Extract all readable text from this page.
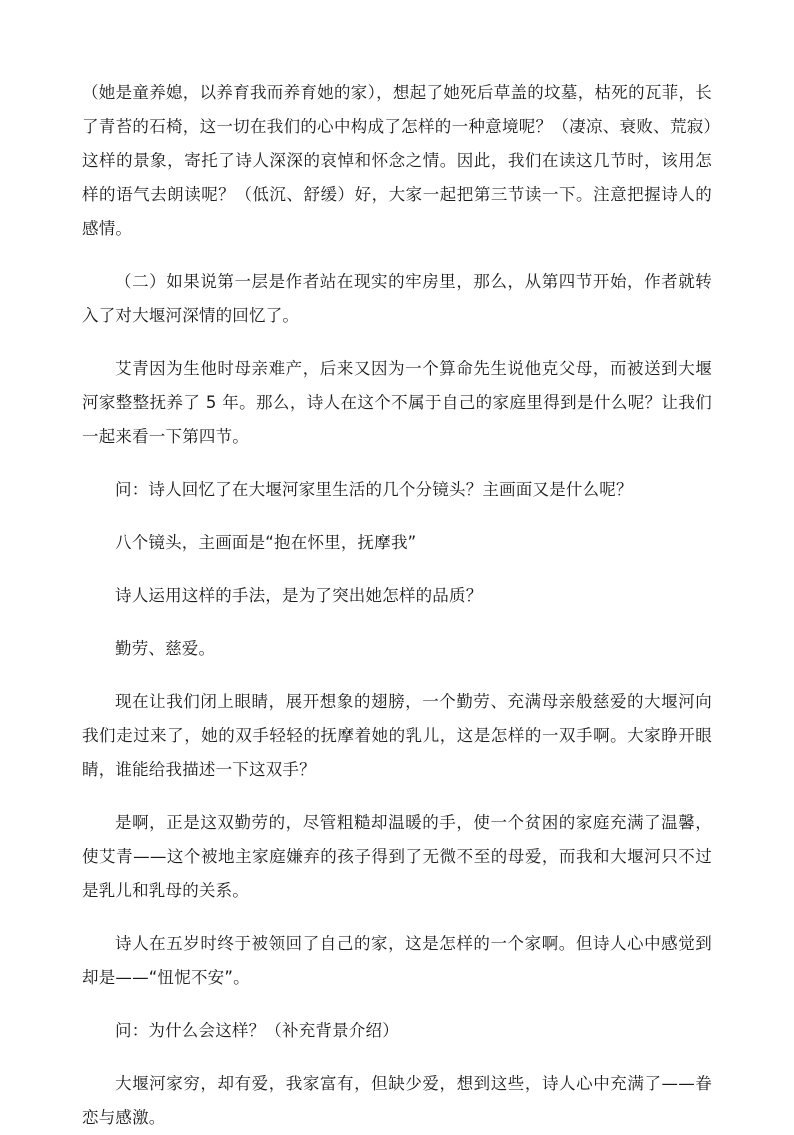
（她是童养媳，以养育我而养育她的家），想起了她死后草盖的坟墓，枯死的瓦菲，长了青苔的石椅，这一切在我们的心中构成了怎样的一种意境呢？（凄凉、衰败、荒寂）这样的景象，寄托了诗人深深的哀悼和怀念之情。因此，我们在读这几节时，该用怎样的语气去朗读呢？（低沉、舒缓）好，大家一起把第三节读一下。注意把握诗人的感情。

（二）如果说第一层是作者站在现实的牢房里，那么，从第四节开始，作者就转入了对大堰河深情的回忆了。

艾青因为生他时母亲难产，后来又因为一个算命先生说他克父母，而被送到大堰河家整整抚养了 5 年。那么，诗人在这个不属于自己的家庭里得到是什么呢？让我们一起来看一下第四节。

问：诗人回忆了在大堰河家里生活的几个分镜头？主画面又是什么呢？

八个镜头，主画面是“抱在怀里，抚摩我”

诗人运用这样的手法，是为了突出她怎样的品质？

勤劳、慈爱。

现在让我们闭上眼睛，展开想象的翅膀，一个勤劳、充满母亲般慈爱的大堰河向我们走过来了，她的双手轻轻的抚摩着她的乳儿，这是怎样的一双手啊。大家睁开眼睛，谁能给我描述一下这双手？

是啊，正是这双勤劳的，尽管粗糙却温暖的手，使一个贫困的家庭充满了温馨，使艾青——这个被地主家庭嫌弃的孩子得到了无微不至的母爱，而我和大堰河只不过是乳儿和乳母的关系。

诗人在五岁时终于被领回了自己的家，这是怎样的一个家啊。但诗人心中感觉到却是——“忸怩不安”。

问：为什么会这样？（补充背景介绍）

大堰河家穷，却有爱，我家富有，但缺少爱，想到这些，诗人心中充满了——眷恋与感激。
